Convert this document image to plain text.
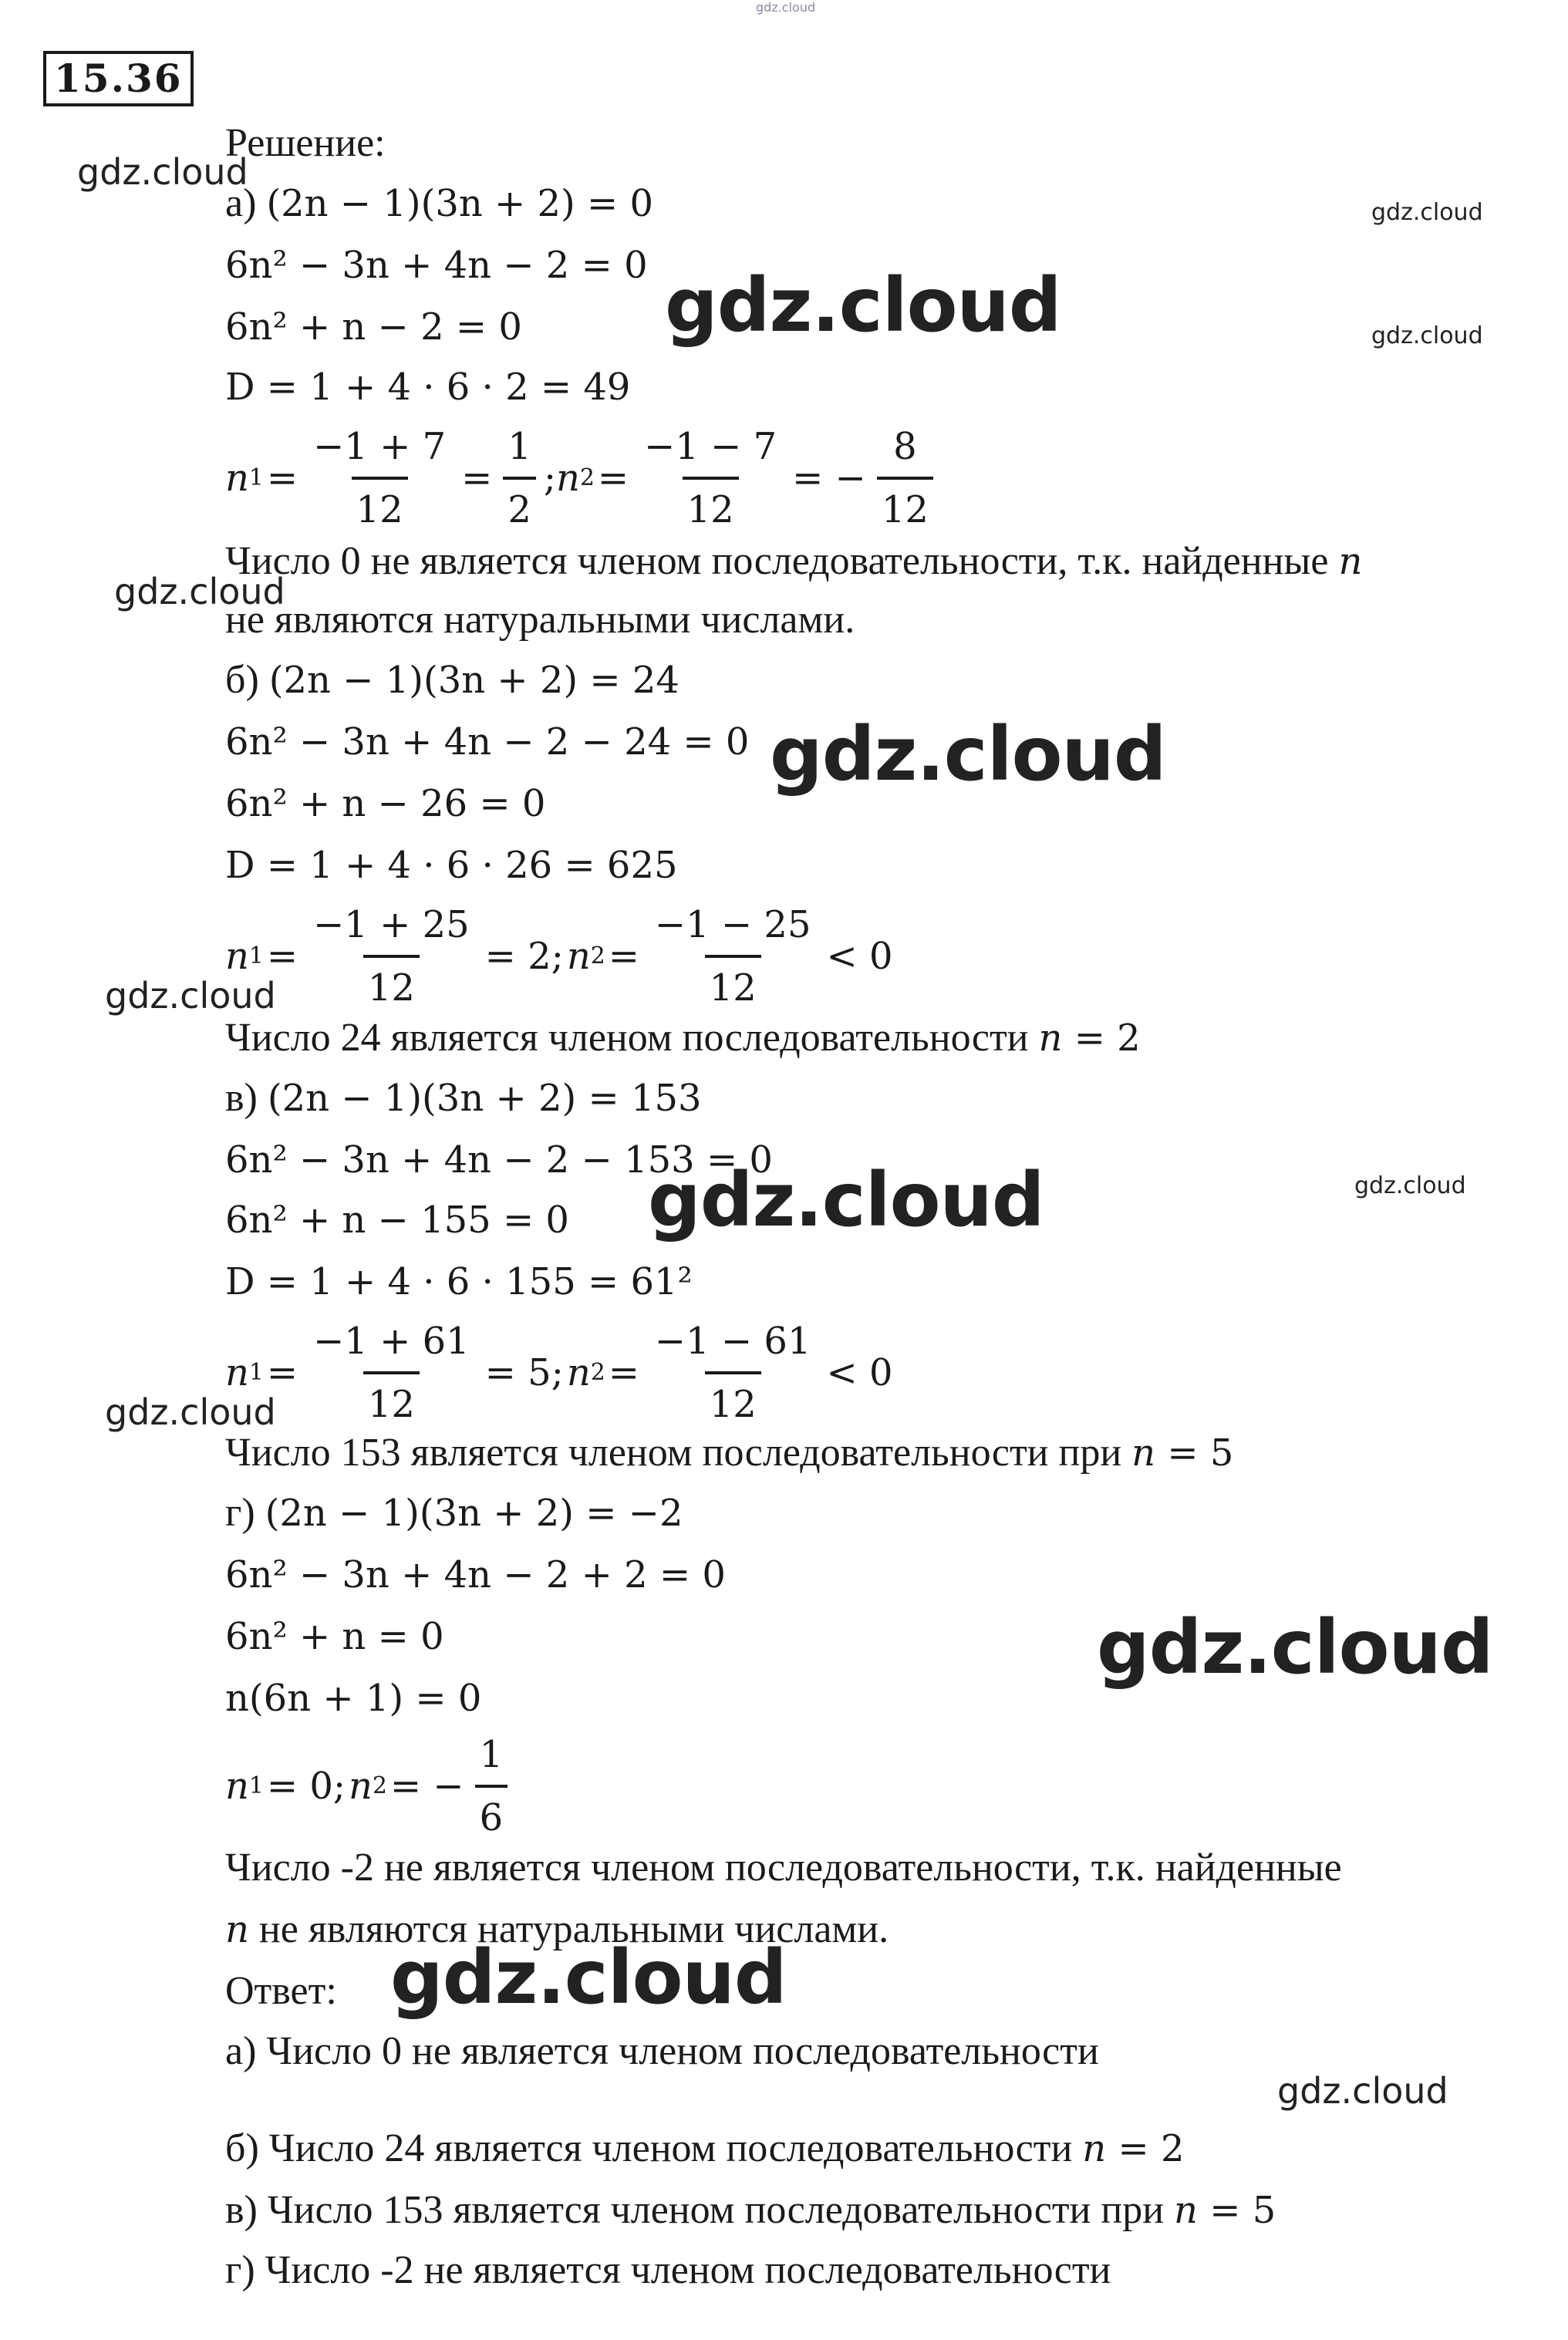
gdz.cloud
gdz.cloud
gdz.cloud
gdz.cloud	gdz.cloud
gdz.cloud
gdz.cloud
gdz.cloud
gdz.cloud	gdz.cloud
gdz.cloud
gdz.cloud
gdz.cloud
gdz.cloud
15.36
Решение:
а) (2n − 1)(3n + 2) = 0
6n² − 3n + 4n − 2 = 0
6n² + n − 2 = 0
D = 1 + 4 · 6 · 2 = 49
n $1 = \frac{-1 + 7}{12} = \frac{1}{2}$ ; n $2 = \frac{-1 - 7}{12}$ = − $\frac{8}{12}$
Число 0 не является членом последовательности, т.к. найденные n
не являются натуральными числами.
б) (2n − 1)(3n + 2) = 24
6n² − 3n + 4n − 2 − 24 = 0
6n² + n − 26 = 0
D = 1 + 4 · 6 · 26 = 625
n $1 = \frac{-1 + 25}{12} = 2$; n $2 = \frac{-1 - 25}{12} < 0$
Число 24 является членом последовательности n = 2
в) (2n − 1)(3n + 2) = 153
6n² − 3n + 4n − 2 − 153 = 0
6n² + n − 155 = 0
D = 1 + 4 · 6 · 155 = 61²
n $1 = \frac{-1 + 61}{12} = 5$; n $2 = \frac{-1 - 61}{12} < 0$
Число 153 является членом последовательности при n = 5
г) (2n − 1)(3n + 2) = −2
6n² − 3n + 4n − 2 + 2 = 0
6n² + n = 0
n(6n + 1) = 0
n 1 = 0; n 2 = − $\frac{1}{6}$
Число -2 не является членом последовательности, т.к. найденные
n не являются натуральными числами.
Ответ:
а) Число 0 не является членом последовательности
б) Число 24 является членом последовательности n = 2
в) Число 153 является членом последовательности при n = 5
г) Число -2 не является членом последовательности
